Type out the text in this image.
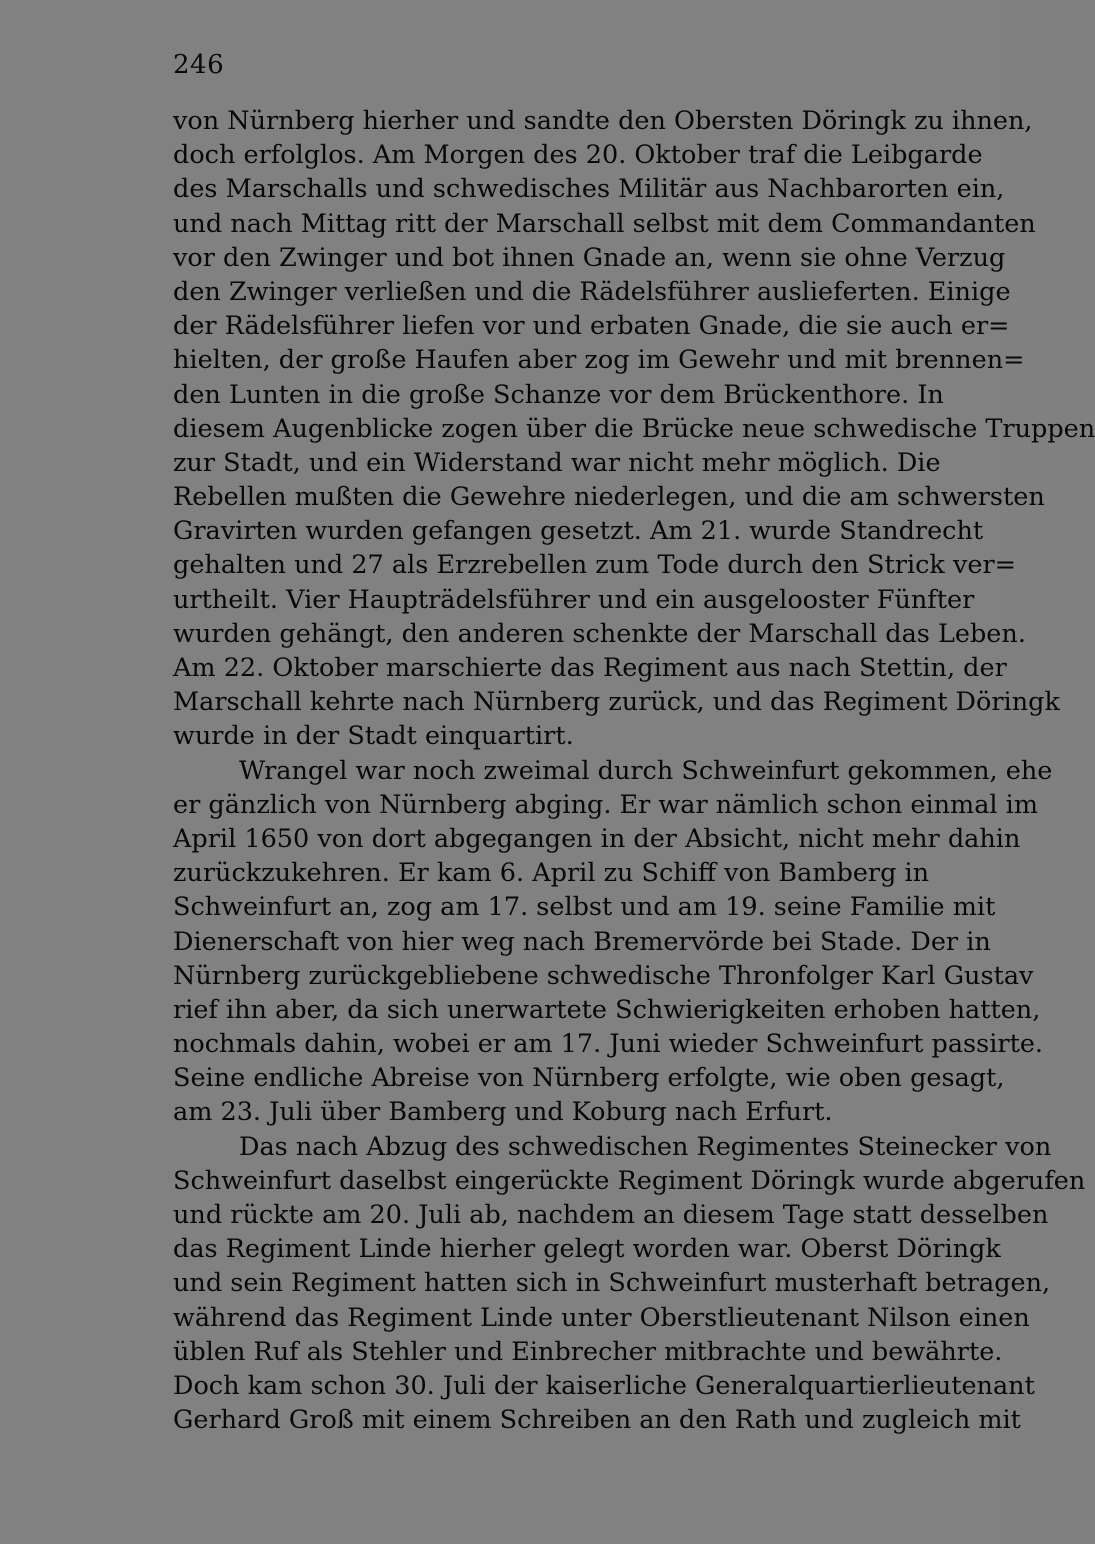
246
von Nürnberg hierher und sandte den Obersten Döringk zu ihnen,
doch erfolglos. Am Morgen des 20. Oktober traf die Leibgarde
des Marschalls und schwedisches Militär aus Nachbarorten ein,
und nach Mittag ritt der Marschall selbst mit dem Commandanten
vor den Zwinger und bot ihnen Gnade an, wenn sie ohne Verzug
den Zwinger verließen und die Rädelsführer auslieferten. Einige
der Rädelsführer liefen vor und erbaten Gnade, die sie auch er=
hielten, der große Haufen aber zog im Gewehr und mit brennen=
den Lunten in die große Schanze vor dem Brückenthore. In
diesem Augenblicke zogen über die Brücke neue schwedische Truppen
zur Stadt, und ein Widerstand war nicht mehr möglich. Die
Rebellen mußten die Gewehre niederlegen, und die am schwersten
Gravirten wurden gefangen gesetzt. Am 21. wurde Standrecht
gehalten und 27 als Erzrebellen zum Tode durch den Strick ver=
urtheilt. Vier Haupträdelsführer und ein ausgelooster Fünfter
wurden gehängt, den anderen schenkte der Marschall das Leben.
Am 22. Oktober marschierte das Regiment aus nach Stettin, der
Marschall kehrte nach Nürnberg zurück, und das Regiment Döringk
wurde in der Stadt einquartirt.
Wrangel war noch zweimal durch Schweinfurt gekommen, ehe
er gänzlich von Nürnberg abging. Er war nämlich schon einmal im
April 1650 von dort abgegangen in der Absicht, nicht mehr dahin
zurückzukehren. Er kam 6. April zu Schiff von Bamberg in
Schweinfurt an, zog am 17. selbst und am 19. seine Familie mit
Dienerschaft von hier weg nach Bremervörde bei Stade. Der in
Nürnberg zurückgebliebene schwedische Thronfolger Karl Gustav
rief ihn aber, da sich unerwartete Schwierigkeiten erhoben hatten,
nochmals dahin, wobei er am 17. Juni wieder Schweinfurt passirte.
Seine endliche Abreise von Nürnberg erfolgte, wie oben gesagt,
am 23. Juli über Bamberg und Koburg nach Erfurt.
Das nach Abzug des schwedischen Regimentes Steinecker von
Schweinfurt daselbst eingerückte Regiment Döringk wurde abgerufen
und rückte am 20. Juli ab, nachdem an diesem Tage statt desselben
das Regiment Linde hierher gelegt worden war. Oberst Döringk
und sein Regiment hatten sich in Schweinfurt musterhaft betragen,
während das Regiment Linde unter Oberstlieutenant Nilson einen
üblen Ruf als Stehler und Einbrecher mitbrachte und bewährte.
Doch kam schon 30. Juli der kaiserliche Generalquartierlieutenant
Gerhard Groß mit einem Schreiben an den Rath und zugleich mit
